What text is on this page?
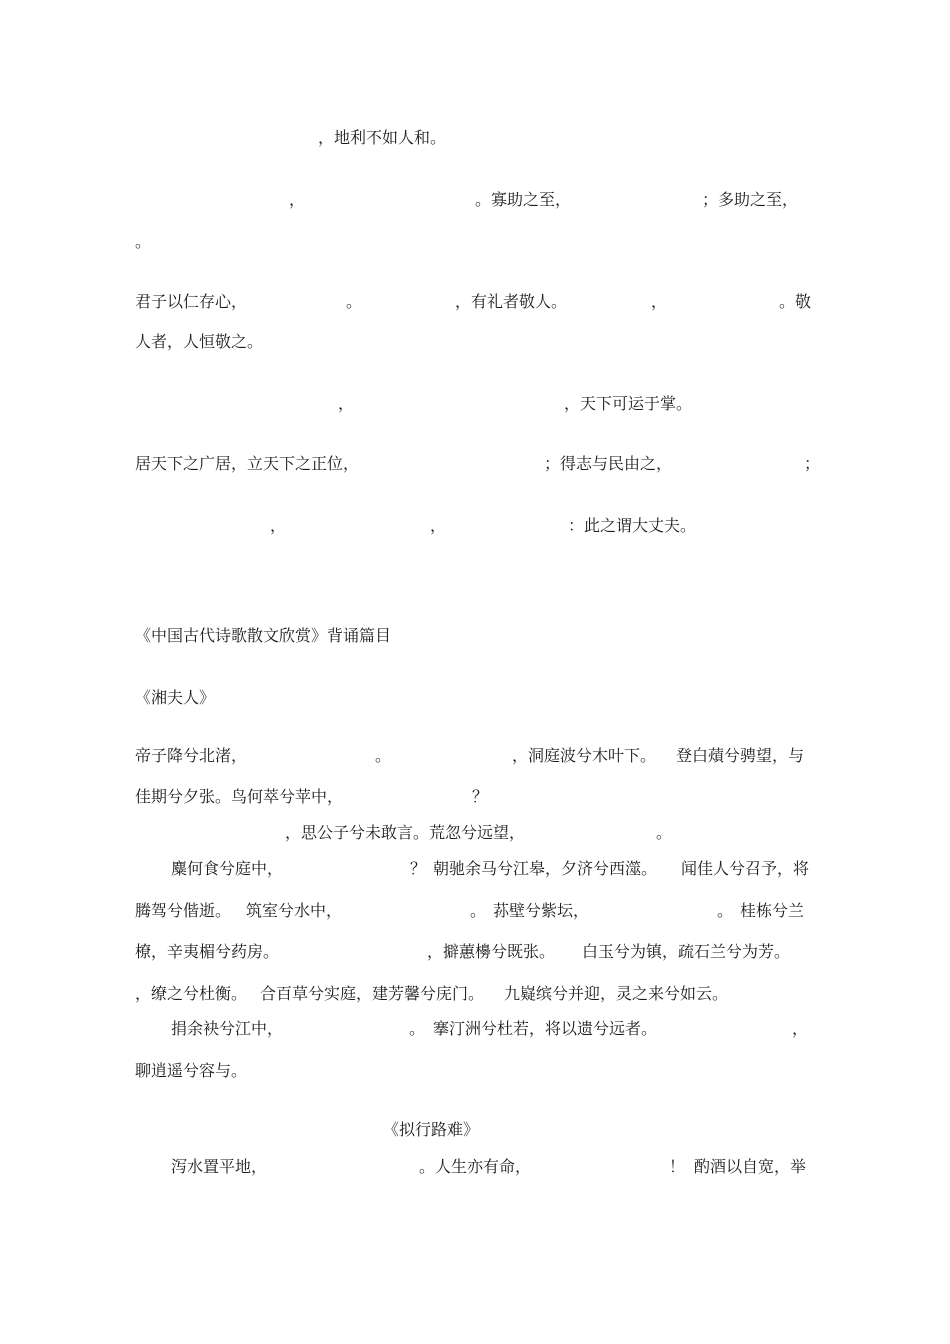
，地利不如人和。

，	。寡助之至，	；多助之至，

。

君子以仁存心，	。	，有礼者敬人。	，	。敬

人者，人恒敬之。

，	，天下可运于掌。

居天下之广居，立天下之正位，	；得志与民由之，	；

，	，	：此之谓大丈夫。

《中国古代诗歌散文欣赏》背诵篇目

《湘夫人》

帝子降兮北渚，	。	，洞庭波兮木叶下。 登白薠兮骋望，与

佳期兮夕张。鸟何萃兮苹中，	？

，思公子兮未敢言。荒忽兮远望，	。

麋何食兮庭中，	？ 朝驰余马兮江皋，夕济兮西澨。 闻佳人兮召予，将

腾驾兮偕逝。 筑室兮水中，	。 荪壁兮紫坛，	。 桂栋兮兰

橑，辛夷楣兮药房。	，擗蕙櫋兮既张。 白玉兮为镇，疏石兰兮为芳。

，缭之兮杜衡。 合百草兮实庭，建芳馨兮庑门。 九嶷缤兮并迎，灵之来兮如云。

捐余袂兮江中，	。 搴汀洲兮杜若，将以遗兮远者。	，

聊逍遥兮容与。

《拟行路难》

泻水置平地，	。人生亦有命，	！ 酌酒以自宽，举
